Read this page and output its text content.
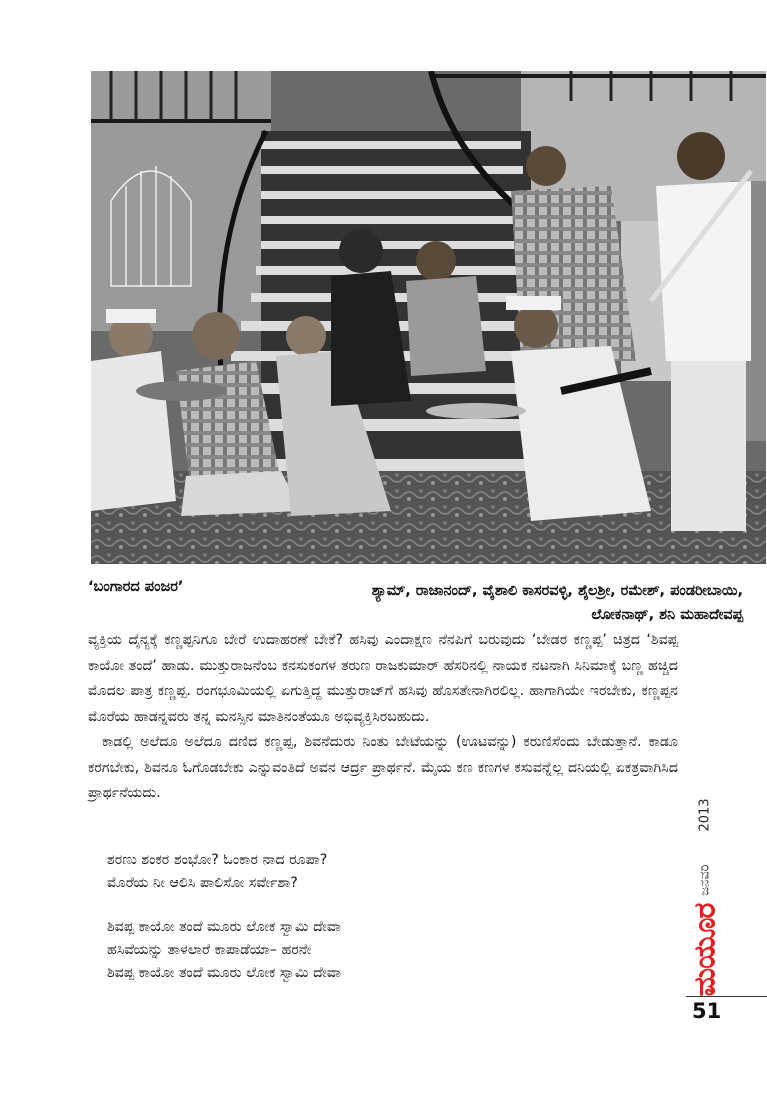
‘ಬಂಗಾರದ ಪಂಜರ’	ಶ್ಯಾಮ್, ರಾಜಾನಂದ್, ವೈಶಾಲಿ ಕಾಸರವಳ್ಳಿ, ಶೈಲಶ್ರೀ, ರಮೇಶ್, ಪಂಡರೀಬಾಯಿ,
ಲೋಕನಾಥ್, ಶನಿ ಮಹಾದೇವಪ್ಪ

ವ್ಯಕ್ತಿಯ ದೈನ್ಯಕ್ಕೆ ಕಣ್ಣಪ್ಪನಿಗೂ ಬೇರೆ ಉದಾಹರಣೆ ಬೇಕೆ? ಹಸಿವು ಎಂದಾಕ್ಷಣ ನೆನಪಿಗೆ ಬರುವುದು ‘ಬೇಡರ ಕಣ್ಣಪ್ಪ’ ಚಿತ್ರದ ‘ಶಿವಪ್ಪ ಕಾಯೋ ತಂದೆ’ ಹಾಡು. ಮುತ್ತುರಾಜನೆಂಬ ಕನಸುಕಂಗಳ ತರುಣ ರಾಜಕುಮಾರ್ ಹೆಸರಿನಲ್ಲಿ ನಾಯಕ ನಟನಾಗಿ ಸಿನಿಮಾಕ್ಕೆ ಬಣ್ಣ ಹಚ್ಚಿದ ಮೊದಲ ಪಾತ್ರ ಕಣ್ಣಪ್ಪ. ರಂಗಭೂಮಿಯಲ್ಲಿ ಏಗುತ್ತಿದ್ದ ಮುತ್ತುರಾಜ್‌ಗೆ ಹಸಿವು ಹೊಸತೇನಾಗಿರಲಿಲ್ಲ. ಹಾಗಾಗಿಯೇ ಇರಬೇಕು, ಕಣ್ಣಪ್ಪನ ಮೊರೆಯ ಹಾಡನ್ನವರು ತನ್ನ ಮನಸ್ಸಿನ ಮಾತಿನಂತೆಯೂ ಅಭಿವ್ಯಕ್ತಿಸಿರಬಹುದು.

ಕಾಡಲ್ಲಿ ಅಲೆದೂ ಅಲೆದೂ ದಣಿದ ಕಣ್ಣಪ್ಪ, ಶಿವನೆದುರು ನಿಂತು ಬೇಟೆಯನ್ನು (ಊಟವನ್ನು) ಕರುಣಿಸೆಂದು ಬೇಡುತ್ತಾನೆ. ಕಾಡೂ ಕರಗಬೇಕು, ಶಿವನೂ ಓಗೊಡಬೇಕು ಎನ್ನುವಂತಿದೆ ಅವನ ಆರ್ದ್ರ ಪ್ರಾರ್ಥನೆ. ಮೈಯ ಕಣ ಕಣಗಳ ಕಸುವನ್ನೆಲ್ಲ ದನಿಯಲ್ಲಿ ಏಕತ್ರವಾಗಿಸಿದ ಪ್ರಾರ್ಥನೆಯದು.

ಶರಣು ಶಂಕರ ಶಂಭೋ? ಓಂಕಾರ ನಾದ ರೂಪಾ?
ಮೊರೆಯ ನೀ ಆಲಿಸಿ ಪಾಲಿಸೋ ಸರ್ವೇಶಾ?
ಶಿವಪ್ಪ ಕಾಯೋ ತಂದೆ ಮೂರು ಲೋಕ ಸ್ವಾಮಿ ದೇವಾ
ಹಸಿವೆಯನ್ನು ತಾಳಲಾರೆ ಕಾಪಾಡೆಯಾ– ಹರನೇ
ಶಿವಪ್ಪ ಕಾಯೋ ತಂದೆ ಮೂರು ಲೋಕ ಸ್ವಾಮಿ ದೇವಾ
2013
ಜನವರಿ
ಮಯೂರ
51
